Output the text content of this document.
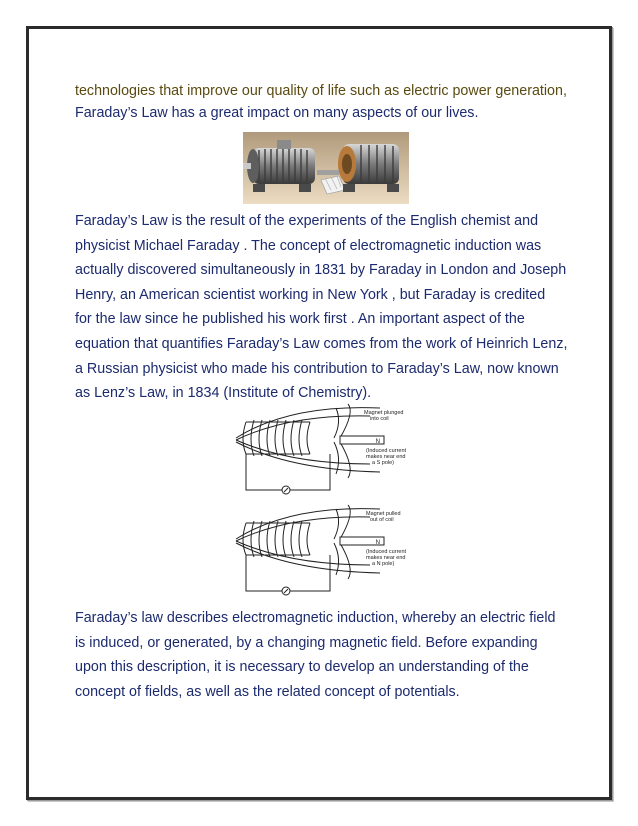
technologies that improve our quality of life such as electric power generation,
Faraday’s Law has a great impact on many aspects of our lives.

Faraday’s Law is the result of the experiments of the English chemist and
physicist Michael Faraday . The concept of electromagnetic induction was
actually discovered simultaneously in 1831 by Faraday in London and Joseph
Henry, an American scientist working in New York , but Faraday is credited
for the law since he published his work first . An important aspect of the
equation that quantifies Faraday’s Law comes from the work of Heinrich Lenz,
a Russian physicist who made his contribution to Faraday’s Law, now known
as Lenz’s Law, in 1834 (Institute of Chemistry).

N
Magnet plunged into coil
(Induced current makes near end a S pole)
N
Magnet pulled out of coil
(Induced current makes near end a N pole)

Faraday’s law describes electromagnetic induction, whereby an electric field
is induced, or generated, by a changing magnetic field. Before expanding
upon this description, it is necessary to develop an understanding of the
concept of fields, as well as the related concept of potentials.
